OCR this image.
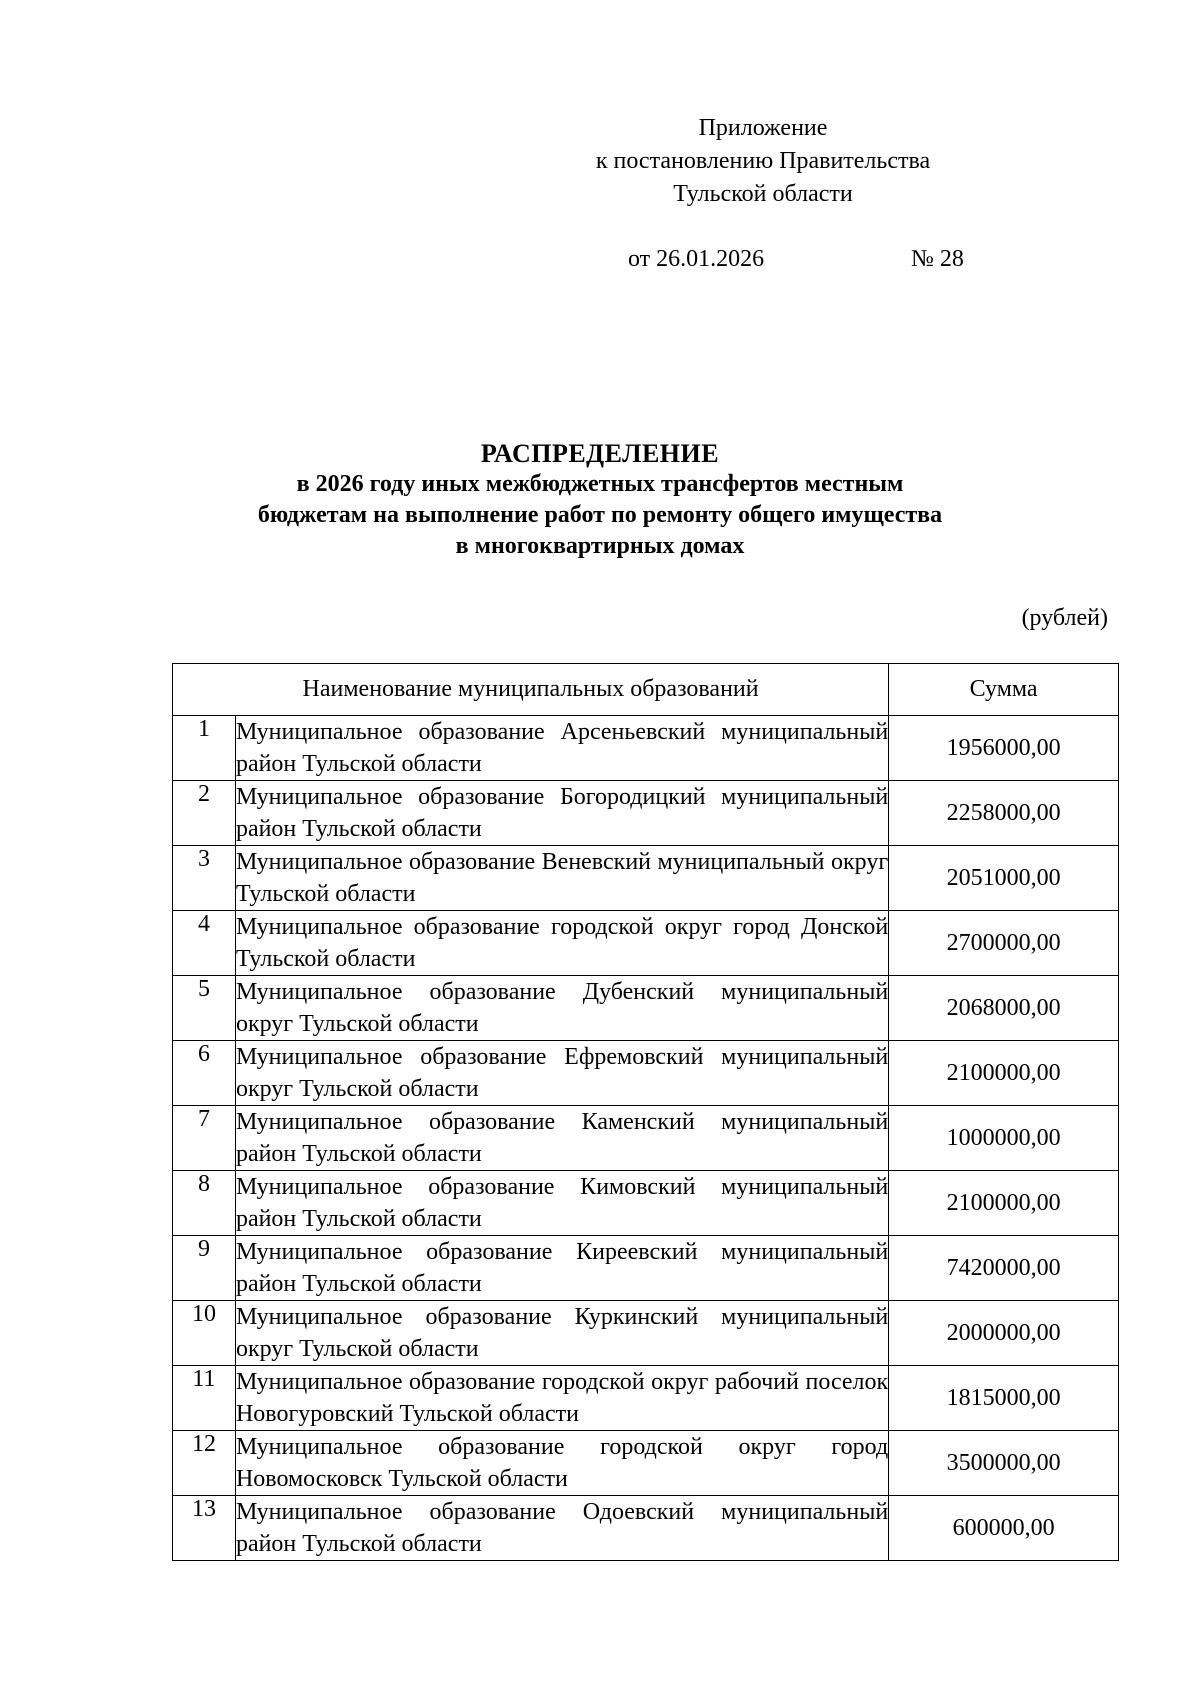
Приложение
к постановлению Правительства
Тульской области
от 26.01.2026	№ 28
РАСПРЕДЕЛЕНИЕ
в 2026 году иных межбюджетных трансфертов местным
бюджетам на выполнение работ по ремонту общего имущества
в многоквартирных домах
(рублей)
Наименование муниципальных образований		Сумма
1	Муниципальное образование Арсеньевский муниципальный район Тульской области	1956000,00
2	Муниципальное образование Богородицкий муниципальный район Тульской области	2258000,00
3	Муниципальное образование Веневский муниципальный округ Тульской области	2051000,00
4	Муниципальное образование городской округ город Донской Тульской области	2700000,00
5	Муниципальное образование Дубенский муниципальный округ Тульской области	2068000,00
6	Муниципальное образование Ефремовский муниципальный округ Тульской области	2100000,00
7	Муниципальное образование Каменский муниципальный район Тульской области	1000000,00
8	Муниципальное образование Кимовский муниципальный район Тульской области	2100000,00
9	Муниципальное образование Киреевский муниципальный район Тульской области	7420000,00
10	Муниципальное образование Куркинский муниципальный округ Тульской области	2000000,00
11	Муниципальное образование городской округ рабочий поселок Новогуровский Тульской области	1815000,00
12	Муниципальное образование городской округ город Новомосковск Тульской области	3500000,00
13	Муниципальное образование Одоевский муниципальный район Тульской области	600000,00
